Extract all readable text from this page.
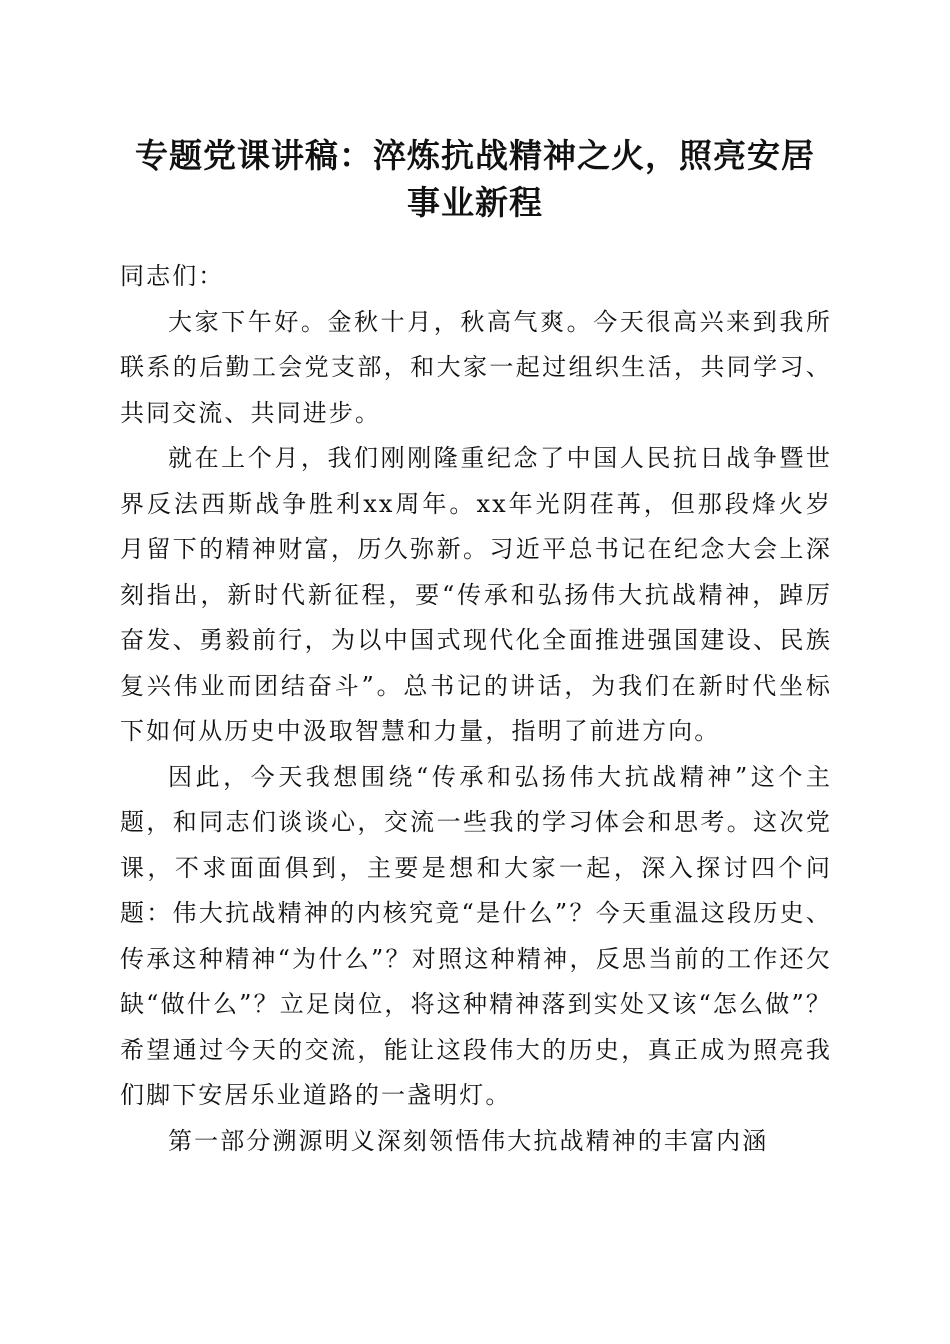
专题党课讲稿：淬炼抗战精神之火，照亮安居
事业新程

同志们：

大家下午好。金秋十月，秋高气爽。今天很高兴来到我所联系的后勤工会党支部，和大家一起过组织生活，共同学习、共同交流、共同进步。

就在上个月，我们刚刚隆重纪念了中国人民抗日战争暨世界反法西斯战争胜利xx周年。xx年光阴荏苒，但那段烽火岁月留下的精神财富，历久弥新。习近平总书记在纪念大会上深刻指出，新时代新征程，要“传承和弘扬伟大抗战精神，踔厉奋发、勇毅前行，为以中国式现代化全面推进强国建设、民族复兴伟业而团结奋斗”。总书记的讲话，为我们在新时代坐标下如何从历史中汲取智慧和力量，指明了前进方向。

因此，今天我想围绕“传承和弘扬伟大抗战精神”这个主题，和同志们谈谈心，交流一些我的学习体会和思考。这次党课，不求面面俱到，主要是想和大家一起，深入探讨四个问题：伟大抗战精神的内核究竟“是什么”？今天重温这段历史、传承这种精神“为什么”？对照这种精神，反思当前的工作还欠缺“做什么”？立足岗位，将这种精神落到实处又该“怎么做”？希望通过今天的交流，能让这段伟大的历史，真正成为照亮我们脚下安居乐业道路的一盏明灯。

第一部分溯源明义深刻领悟伟大抗战精神的丰富内涵
